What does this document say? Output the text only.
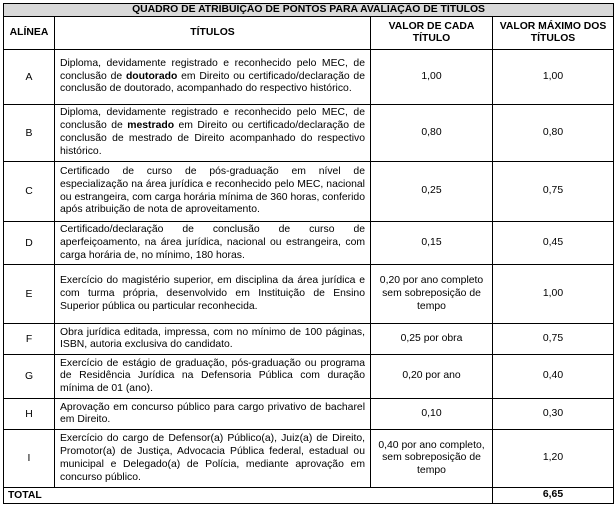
QUADRO DE ATRIBUIÇÃO DE PONTOS PARA AVALIAÇÃO DE TÍTULOS			
ALÍNEA	TÍTULOS	VALOR DE CADA TÍTULO	VALOR MÁXIMO DOS TÍTULOS
A	Diploma, devidamente registrado e reconhecido pelo MEC, de conclusão de doutorado em Direito ou certificado/declaração de conclusão de doutorado, acompanhado do respectivo histórico.	1,00	1,00
B	Diploma, devidamente registrado e reconhecido pelo MEC, de conclusão de mestrado em Direito ou certificado/declaração de conclusão de mestrado de Direito acompanhado do respectivo histórico.	0,80	0,80
C	Certificado de curso de pós-graduação em nível de especialização na área jurídica e reconhecido pelo MEC, nacional ou estrangeira, com carga horária mínima de 360 horas, conferido após atribuição de nota de aproveitamento.	0,25	0,75
D	Certificado/declaração de conclusão de curso de aperfeiçoamento, na área jurídica, nacional ou estrangeira, com carga horária de, no mínimo, 180 horas.	0,15	0,45
E	Exercício do magistério superior, em disciplina da área jurídica e com turma própria, desenvolvido em Instituição de Ensino Superior pública ou particular reconhecida.	0,20 por ano completo sem sobreposição de tempo	1,00
F	Obra jurídica editada, impressa, com no mínimo de 100 páginas, ISBN, autoria exclusiva do candidato.	0,25 por obra	0,75
G	Exercício de estágio de graduação, pós-graduação ou programa de Residência Jurídica na Defensoria Pública com duração mínima de 01 (ano).	0,20 por ano	0,40
H	Aprovação em concurso público para cargo privativo de bacharel em Direito.	0,10	0,30
I	Exercício do cargo de Defensor(a) Público(a), Juiz(a) de Direito, Promotor(a) de Justiça, Advocacia Pública federal, estadual ou municipal e Delegado(a) de Polícia, mediante aprovação em concurso público.	0,40 por ano completo, sem sobreposição de tempo	1,20
TOTAL			6,65
